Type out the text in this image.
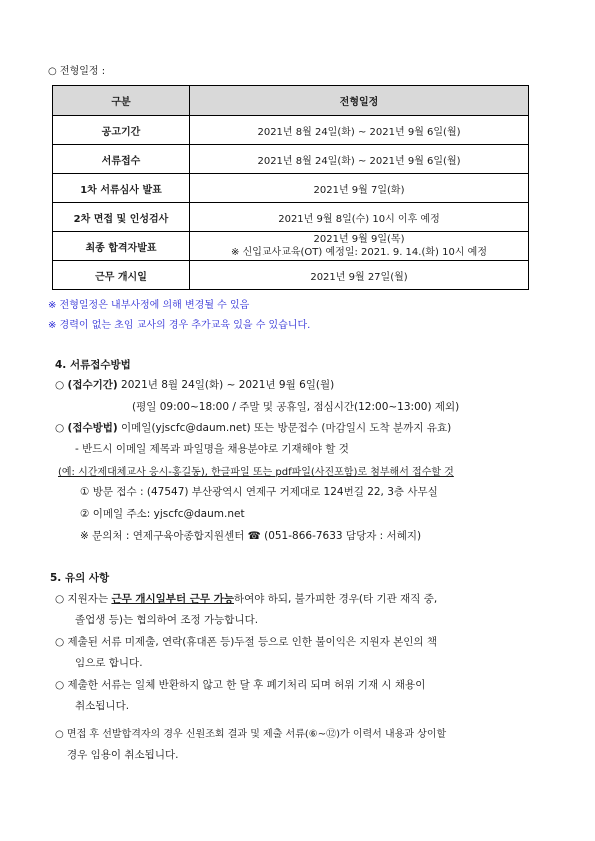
○ 전형일정 :
구분	전형일정
공고기간	2021년 8월 24일(화) ~ 2021년 9월 6일(월)
서류접수	2021년 8월 24일(화) ~ 2021년 9월 6일(월)
1차 서류심사 발표	2021년 9월 7일(화)
2차 면접 및 인성검사	2021년 9월 8일(수) 10시 이후 예정
최종 합격자발표	2021년 9월 9일(목)
※ 신입교사교육(OT) 예정일: 2021. 9. 14.(화) 10시 예정

근무 개시일	2021년 9월 27일(월)
※ 전형일정은 내부사정에 의해 변경될 수 있음
※ 경력이 없는 초임 교사의 경우 추가교육 있을 수 있습니다.
4. 서류접수방법
○ (접수기간) 2021년 8월 24일(화) ~ 2021년 9월 6일(월)
(평일 09:00~18:00 / 주말 및 공휴일, 점심시간(12:00~13:00) 제외)
○ (접수방법) 이메일(yjscfc@daum.net) 또는 방문접수 (마감일시 도착 분까지 유효)
- 반드시 이메일 제목과 파일명을 채용분야로 기재해야 할 것
(예: 시간제대체교사 응시-홍길동), 한글파일 또는 pdf파일(사진포함)로 첨부해서 접수할 것
① 방문 접수 : (47547) 부산광역시 연제구 거제대로 124번길 22, 3층 사무실
② 이메일 주소: yjscfc@daum.net
※ 문의처 : 연제구육아종합지원센터 ☎ (051-866-7633 담당자 : 서혜지)
5. 유의 사항
○ 지원자는 근무 개시일부터 근무 가능하여야 하되, 불가피한 경우(타 기관 재직 중,
졸업생 등)는 협의하여 조정 가능합니다.
○ 제출된 서류 미제출, 연락(휴대폰 등)두절 등으로 인한 불이익은 지원자 본인의 책
임으로 합니다.
○ 제출한 서류는 일체 반환하지 않고 한 달 후 폐기처리 되며 허위 기재 시 채용이
취소됩니다.
○ 면접 후 선발합격자의 경우 신원조회 결과 및 제출 서류(⑥~⑫)가 이력서 내용과 상이할
경우 임용이 취소됩니다.
